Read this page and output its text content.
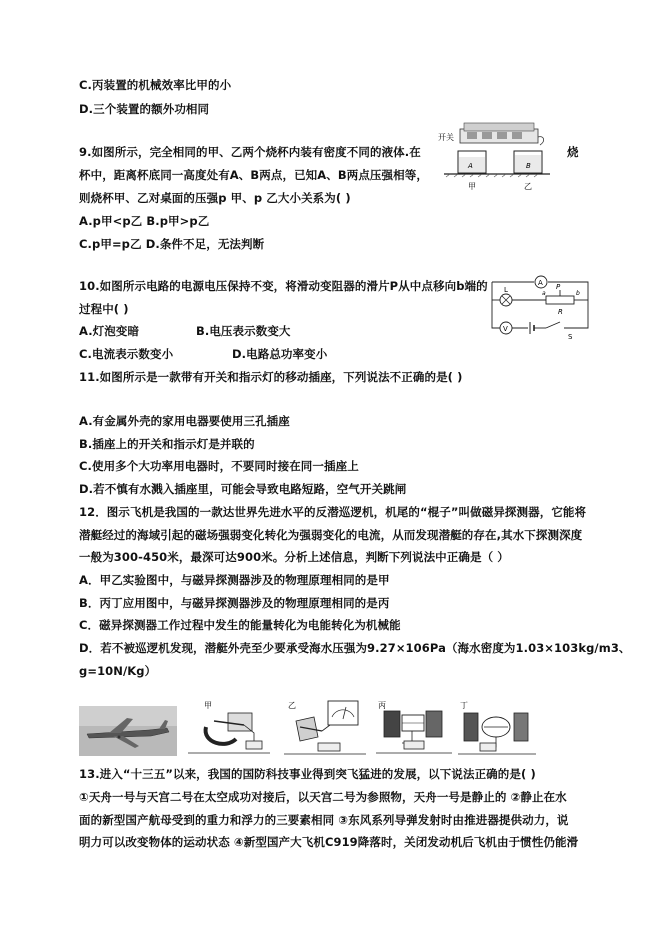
C.丙装置的机械效率比甲的小
D.三个装置的额外功相同
9.如图所示，完全相同的甲、乙两个烧杯内装有密度不同的液体.在	烧
杯中，距离杯底同一高度处有A、B两点，已知A、B两点压强相等，
则烧杯甲、乙对桌面的压强p 甲、p 乙大小关系为( )
A.p甲<p乙 B.p甲>p乙
C.p甲=p乙 D.条件不足，无法判断
开关
A	B
甲	乙
10.如图所示电路的电源电压保持不变，将滑动变阻器的滑片P从中点移向b端的
过程中( )
A.灯泡变暗	B.电压表示数变大
C.电流表示数变小	D.电路总功率变小
A
L	P
a	b
R
V
S
11.如图所示是一款带有开关和指示灯的移动插座，下列说法不正确的是( )
A.有金属外壳的家用电器要使用三孔插座
B.插座上的开关和指示灯是并联的
C.使用多个大功率用电器时，不要同时接在同一插座上
D.若不慎有水溅入插座里，可能会导致电路短路，空气开关跳闸
12．图示飞机是我国的一款达世界先进水平的反潜巡逻机，机尾的“棍子”叫做磁异探测器，它能将
潜艇经过的海域引起的磁场强弱变化转化为强弱变化的电流，从而发现潜艇的存在,其水下探测深度
一般为300-450米，最深可达900米。分析上述信息，判断下列说法中正确是（ ）
A．甲乙实验图中，与磁异探测器涉及的物理原理相同的是甲
B．丙丁应用图中，与磁异探测器涉及的物理原理相同的是丙
C．磁异探测器工作过程中发生的能量转化为电能转化为机械能
D．若不被巡逻机发现，潜艇外壳至少要承受海水压强为9.27×106Pa（海水密度为1.03×103kg/m3、
g=10N/Kg）
甲	乙	丙	丁
13.进入“十三五”以来，我国的国防科技事业得到突飞猛进的发展，以下说法正确的是( )
①天舟一号与天宫二号在太空成功对接后，以天宫二号为参照物，天舟一号是静止的 ②静止在水
面的新型国产航母受到的重力和浮力的三要素相同 ③东风系列导弹发射时由推进器提供动力，说
明力可以改变物体的运动状态 ④新型国产大飞机C919降落时，关闭发动机后飞机由于惯性仍能滑
